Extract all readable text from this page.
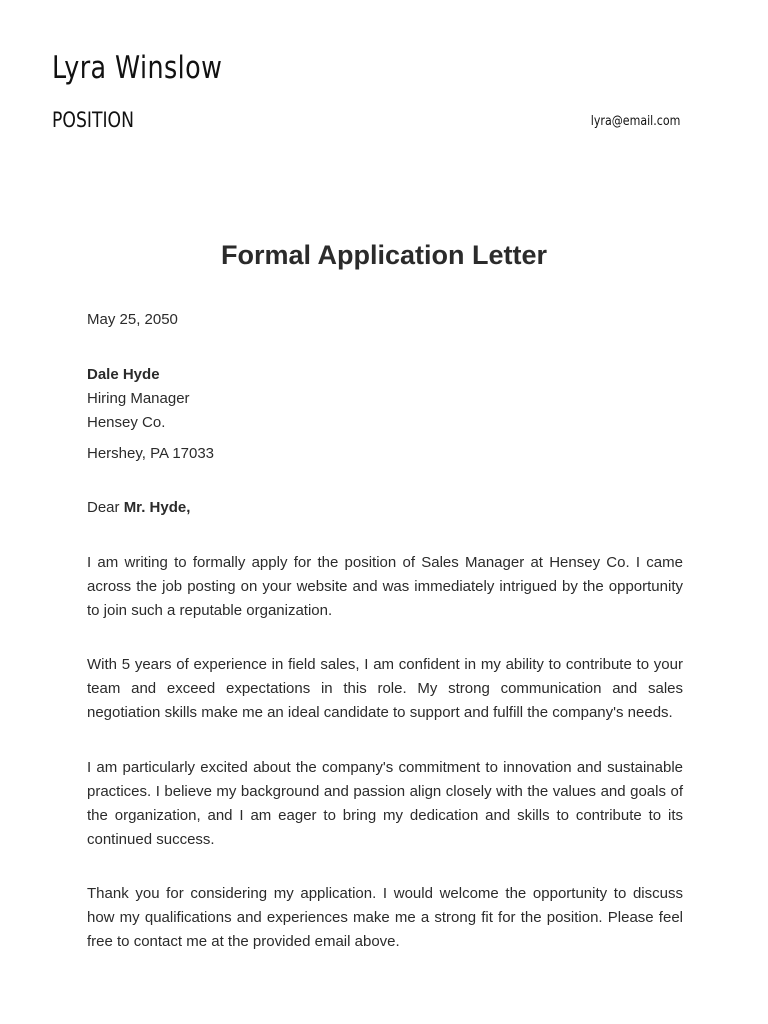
Lyra Winslow
POSITION	lyra@email.com
Formal Application Letter
May 25, 2050
Dale Hyde
Hiring Manager
Hensey Co.
Hershey, PA 17033
Dear Mr. Hyde,
I am writing to formally apply for the position of Sales Manager at Hensey Co. I came across the job posting on your website and was immediately intrigued by the opportunity to join such a reputable organization.
With 5 years of experience in field sales, I am confident in my ability to contribute to your team and exceed expectations in this role. My strong communication and sales negotiation skills make me an ideal candidate to support and fulfill the company's needs.
I am particularly excited about the company's commitment to innovation and sustainable practices. I believe my background and passion align closely with the values and goals of the organization, and I am eager to bring my dedication and skills to contribute to its continued success.
Thank you for considering my application. I would welcome the opportunity to discuss how my qualifications and experiences make me a strong fit for the position. Please feel free to contact me at the provided email above.
